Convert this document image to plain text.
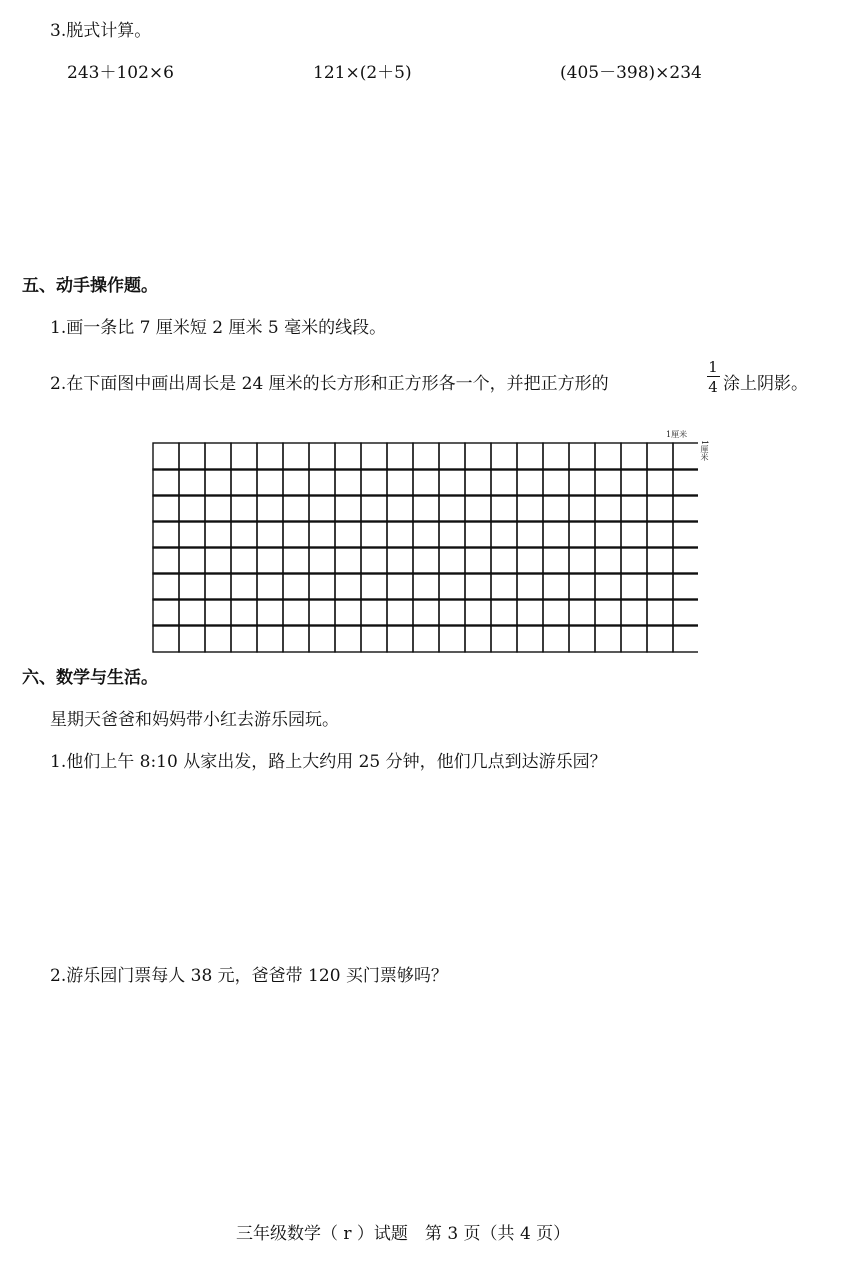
3.脱式计算。
243＋102×6	121×(2＋5)	(405－398)×234
五、动手操作题。
1.画一条比 7 厘米短 2 厘米 5 毫米的线段。
2.在下面图中画出周长是 24 厘米的长方形和正方形各一个，并把正方形的
1
4 涂上阴影。
1厘米
1厘米
六、数学与生活。
星期天爸爸和妈妈带小红去游乐园玩。
1.他们上午 8:10 从家出发，路上大约用 25 分钟，他们几点到达游乐园？
2.游乐园门票每人 38 元，爸爸带 120 买门票够吗？
三年级数学（ r ）试题　第 3 页（共 4 页）
